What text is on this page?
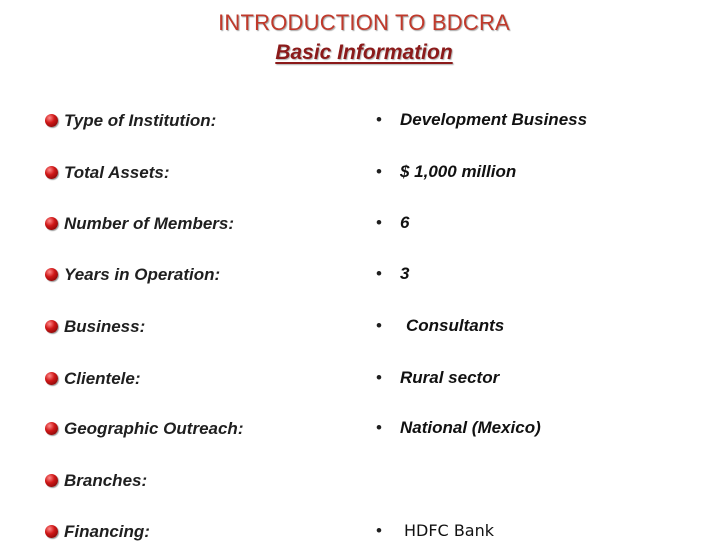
INTRODUCTION TO BDCRA
Basic Information
Type of Institution:	• Development Business
Total Assets:	• $ 1,000 million
Number of Members:	• 6
Years in Operation:	• 3
Business:	• Consultants
Clientele:	• Rural sector
Geographic Outreach:	• National (Mexico)
Branches:
Financing:	• HDFC Bank
